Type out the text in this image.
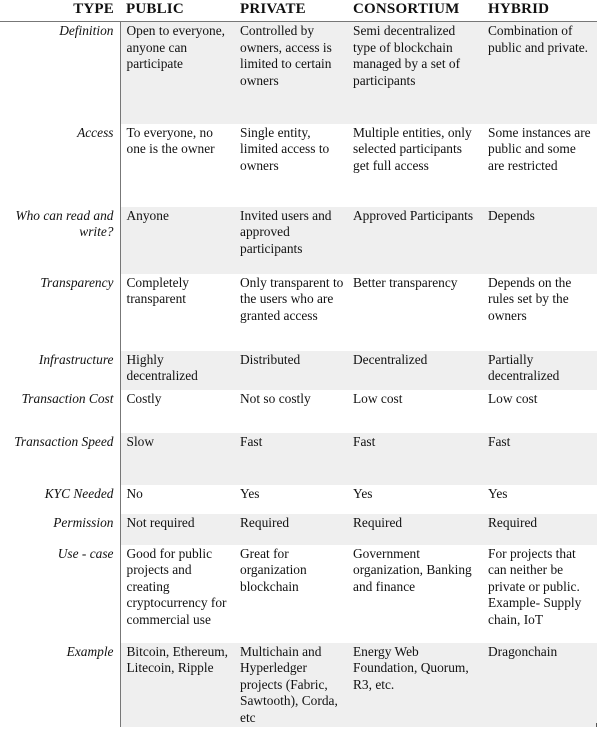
TYPE	PUBLIC	PRIVATE	CONSORTIUM	HYBRID
Definition	Open to everyone, anyone can participate	Controlled by owners, access is limited to certain owners	Semi decentralized type of blockchain managed by a set of participants	Combination of public and private.
Access	To everyone, no one is the owner	Single entity, limited access to owners	Multiple entities, only selected participants get full access	Some instances are public and some are restricted
Who can read and write?	Anyone	Invited users and approved participants	Approved Participants	Depends
Transparency	Completely transparent	Only transparent to the users who are granted access	Better transparency	Depends on the rules set by the owners
Infrastructure	Highly decentralized	Distributed	Decentralized	Partially decentralized
Transaction Cost	Costly	Not so costly	Low cost	Low cost
Transaction Speed	Slow	Fast	Fast	Fast
KYC Needed	No	Yes	Yes	Yes
Permission	Not required	Required	Required	Required
Use - case	Good for public projects and creating cryptocurrency for commercial use	Great for organization blockchain	Government organization, Banking and finance	For projects that can neither be private or public. Example- Supply chain, IoT
Example	Bitcoin, Ethereum, Litecoin, Ripple	Multichain and Hyperledger projects (Fabric, Sawtooth), Corda, etc	Energy Web Foundation, Quorum, R3, etc.	Dragonchain
